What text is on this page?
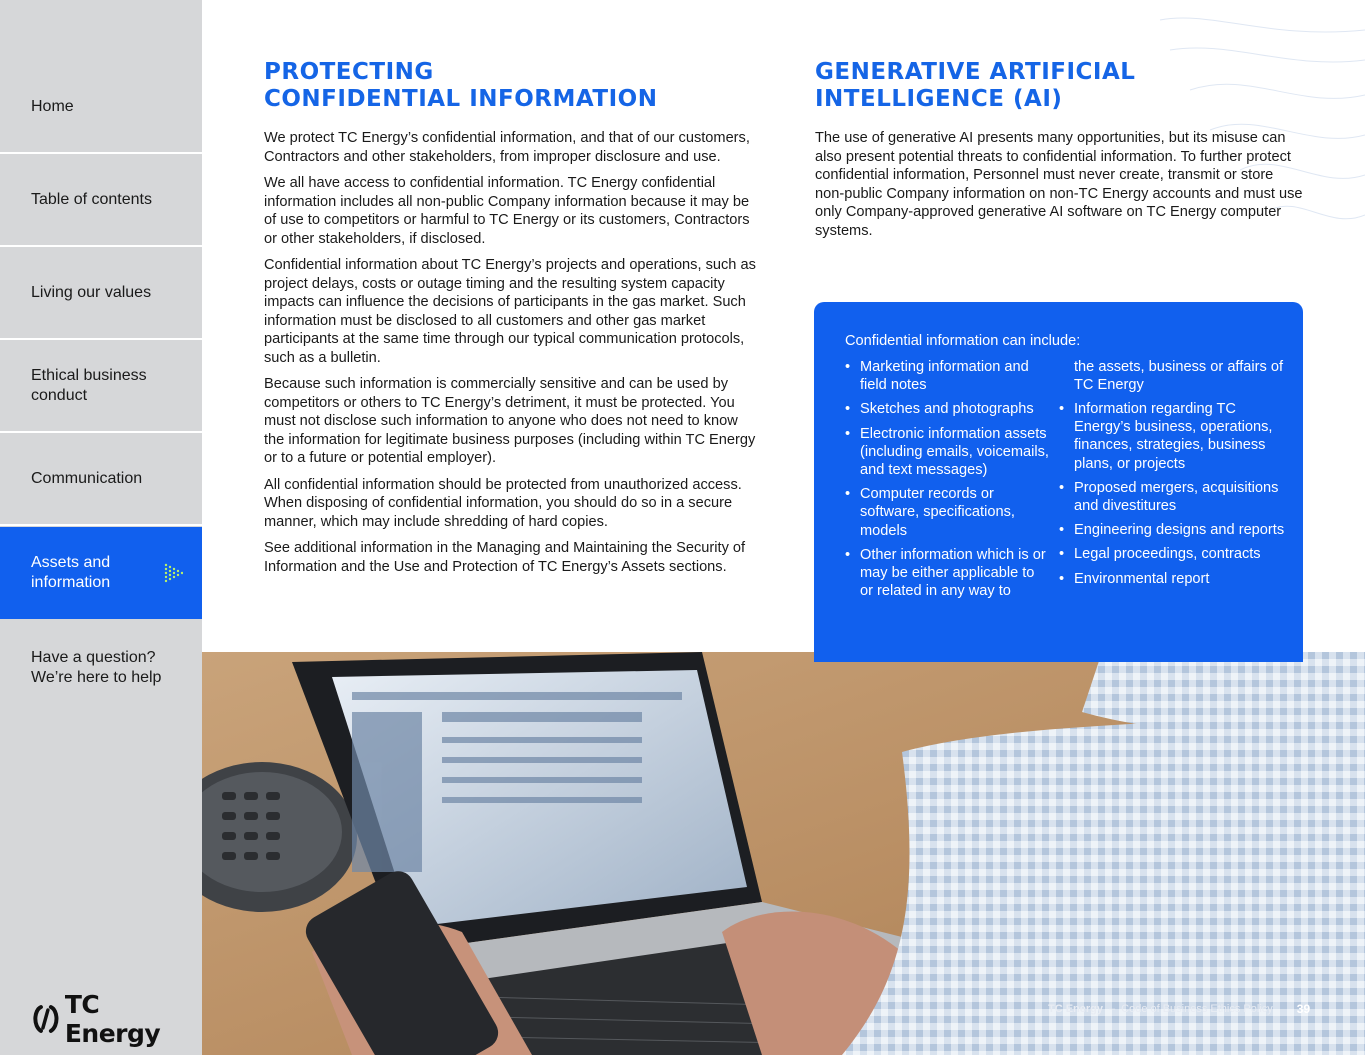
Home
Table of contents
Living our values
Ethical business
conduct
Communication
Assets and
information
Have a question?
We’re here to help
TC Energy
PROTECTING
CONFIDENTIAL INFORMATION

We protect TC Energy’s confidential information, and that of our customers, Contractors and other stakeholders, from improper disclosure and use.

We all have access to confidential information. TC Energy confidential information includes all non-public Company information because it may be of use to competitors or harmful to TC Energy or its customers, Contractors or other stakeholders, if disclosed.

Confidential information about TC Energy’s projects and operations, such as project delays, costs or outage timing and the resulting system capacity impacts can influence the decisions of participants in the gas market. Such information must be disclosed to all customers and other gas market participants at the same time through our typical communication protocols, such as a bulletin.

Because such information is commercially sensitive and can be used by competitors or others to TC Energy’s detriment, it must be protected. You must not disclose such information to anyone who does not need to know the information for legitimate business purposes (including within TC Energy or to a future or potential employer).

All confidential information should be protected from unauthorized access. When disposing of confidential information, you should do so in a secure manner, which may include shredding of hard copies.

See additional information in the Managing and Maintaining the Security of Information and the Use and Protection of TC Energy’s Assets sections.

GENERATIVE ARTIFICIAL
INTELLIGENCE (AI)

The use of generative AI presents many opportunities, but its misuse can also present potential threats to confidential information. To further protect confidential information, Personnel must never create, transmit or store non-public Company information on non-TC Energy accounts and must use only Company-approved generative AI software on TC Energy computer systems.

Confidential information can include:
• Marketing information and field notes
• Sketches and photographs
• Electronic information assets (including emails, voicemails, and text messages)
• Computer records or software, specifications, models
• Other information which is or may be either applicable to or related in any way to
the assets, business or affairs of TC Energy
• Information regarding TC Energy’s business, operations, finances, strategies, business plans, or projects
• Proposed mergers, acquisitions and divestitures
• Engineering designs and reports
• Legal proceedings, contracts
• Environmental report
TC Energy – Code of Business Ethics Policy 39
